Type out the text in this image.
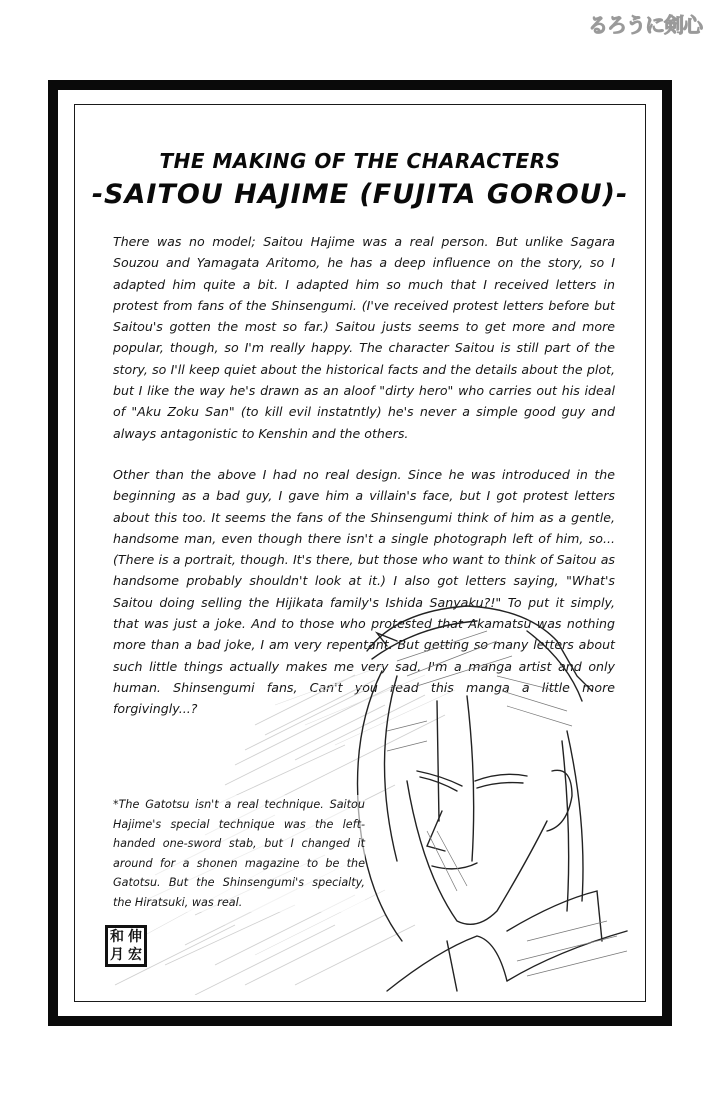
るろうに剣心
THE MAKING OF THE CHARACTERS
-SAITOU HAJIME (FUJITA GOROU)-

There was no model; Saitou Hajime was a real person. But unlike Sagara Souzou and Yamagata Aritomo, he has a deep influence on the story, so I adapted him quite a bit. I adapted him so much that I received letters in protest from fans of the Shinsengumi. (I've received protest letters before but Saitou's gotten the most so far.) Saitou justs seems to get more and more popular, though, so I'm really happy. The character Saitou is still part of the story, so I'll keep quiet about the historical facts and the details about the plot, but I like the way he's drawn as an aloof "dirty hero" who carries out his ideal of "Aku Zoku San" (to kill evil instatntly) he's never a simple good guy and always antagonistic to Kenshin and the others.

Other than the above I had no real design. Since he was introduced in the beginning as a bad guy, I gave him a villain's face, but I got protest letters about this too. It seems the fans of the Shinsengumi think of him as a gentle, handsome man, even though there isn't a single photograph left of him, so... (There is a portrait, though. It's there, but those who want to think of Saitou as handsome probably shouldn't look at it.) I also got letters saying, "What's Saitou doing selling the Hijikata family's Ishida Sanyaku?!" To put it simply, that was just a joke. And to those who protested that Akamatsu was nothing more than a bad joke, I am very repentant. But getting so many letters about such little things actually makes me very sad. I'm a manga artist and only human. Shinsengumi fans, Can't you read this manga a little more forgivingly...?

*The Gatotsu isn't a real technique. Saitou Hajime's special technique was the left-handed one-sword stab, but I changed it around for a shonen magazine to be the Gatotsu. But the Shinsengumi's specialty, the Hiratsuki, was real.
和 伸
月 宏
